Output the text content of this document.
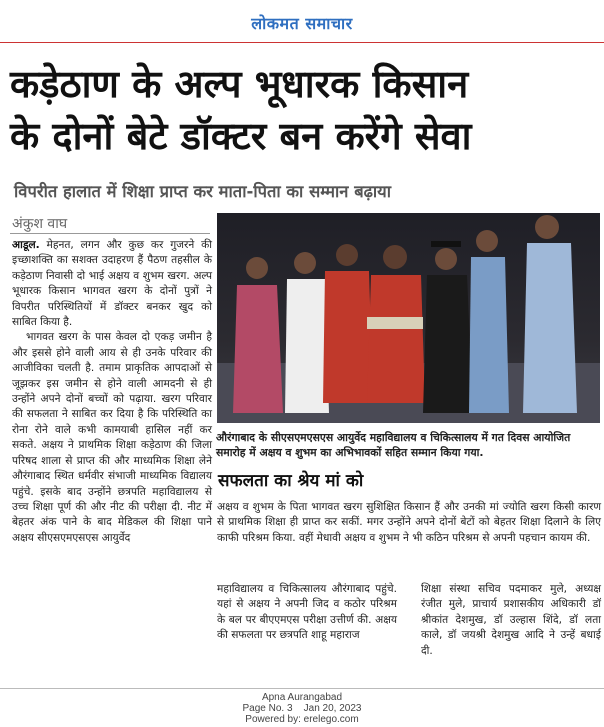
लोकमत समाचार
कड़ेठाण के अल्प भूधारक किसान
के दोनों बेटे डॉक्टर बन करेंगे सेवा
विपरीत हालात में शिक्षा प्राप्त कर माता-पिता का सम्मान बढ़ाया
अंकुश वाघ

आडूल. मेहनत, लगन और कुछ कर गुजरने की इच्छाशक्ति का सशक्त उदाहरण हैं पैठण तहसील के कड़ेठाण निवासी दो भाई अक्षय व शुभम खरग. अल्प भूधारक किसान भागवत खरग के दोनों पुत्रों ने विपरीत परिस्थितियों में डॉक्टर बनकर खुद को साबित किया है.

भागवत खरग के पास केवल दो एकड़ जमीन है और इससे होने वाली आय से ही उनके परिवार की आजीविका चलती है. तमाम प्राकृतिक आपदाओं से जूझकर इस जमीन से होने वाली आमदनी से ही उन्होंने अपने दोनों बच्चों को पढ़ाया. खरग परिवार की सफलता ने साबित कर दिया है कि परिस्थिति का रोना रोने वाले कभी कामयाबी हासिल नहीं कर सकते. अक्षय ने प्राथमिक शिक्षा कड़ेठाण की जिला परिषद शाला से प्राप्त की और माध्यमिक शिक्षा लेने औरंगाबाद स्थित धर्मवीर संभाजी माध्यमिक विद्यालय पहुंचे. इसके बाद उन्होंने छत्रपति महाविद्यालय से उच्च शिक्षा पूर्ण की और नीट की परीक्षा दी. नीट में बेहतर अंक पाने के बाद मेडिकल की शिक्षा पाने अक्षय सीएसएमएसएस आयुर्वेद

औरंगाबाद के सीएसएमएसएस आयुर्वेद महाविद्यालय व चिकित्सालय में गत दिवस आयोजित समारोह में अक्षय व शुभम का अभिभावकों सहित सम्मान किया गया.
सफलता का श्रेय मां को

अक्षय व शुभम के पिता भागवत खरग सुशिक्षित किसान हैं और उनकी मां ज्योति खरग किसी कारण से प्राथमिक शिक्षा ही प्राप्त कर सकीं. मगर उन्होंने अपने दोनों बेटों को बेहतर शिक्षा दिलाने के लिए काफी परिश्रम किया. वहीं मेधावी अक्षय व शुभम ने भी कठिन परिश्रम से अपनी पहचान कायम की.

महाविद्यालय व चिकित्सालय औरंगाबाद पहुंचे. यहां से अक्षय ने अपनी जिद व कठोर परिश्रम के बल पर बीएएमएस परीक्षा उत्तीर्ण की. अक्षय की सफलता पर छत्रपति शाहू महाराज

शिक्षा संस्था सचिव पदमाकर मुले, अध्यक्ष रंजीत मुले, प्राचार्य प्रशासकीय अधिकारी डॉ श्रीकांत देशमुख, डॉ उल्हास शिंदे, डॉ लता काले, डॉ जयश्री देशमुख आदि ने उन्हें बधाई दी.

Apna Aurangabad
Page No. 3    Jan 20, 2023
Powered by: erelego.com
